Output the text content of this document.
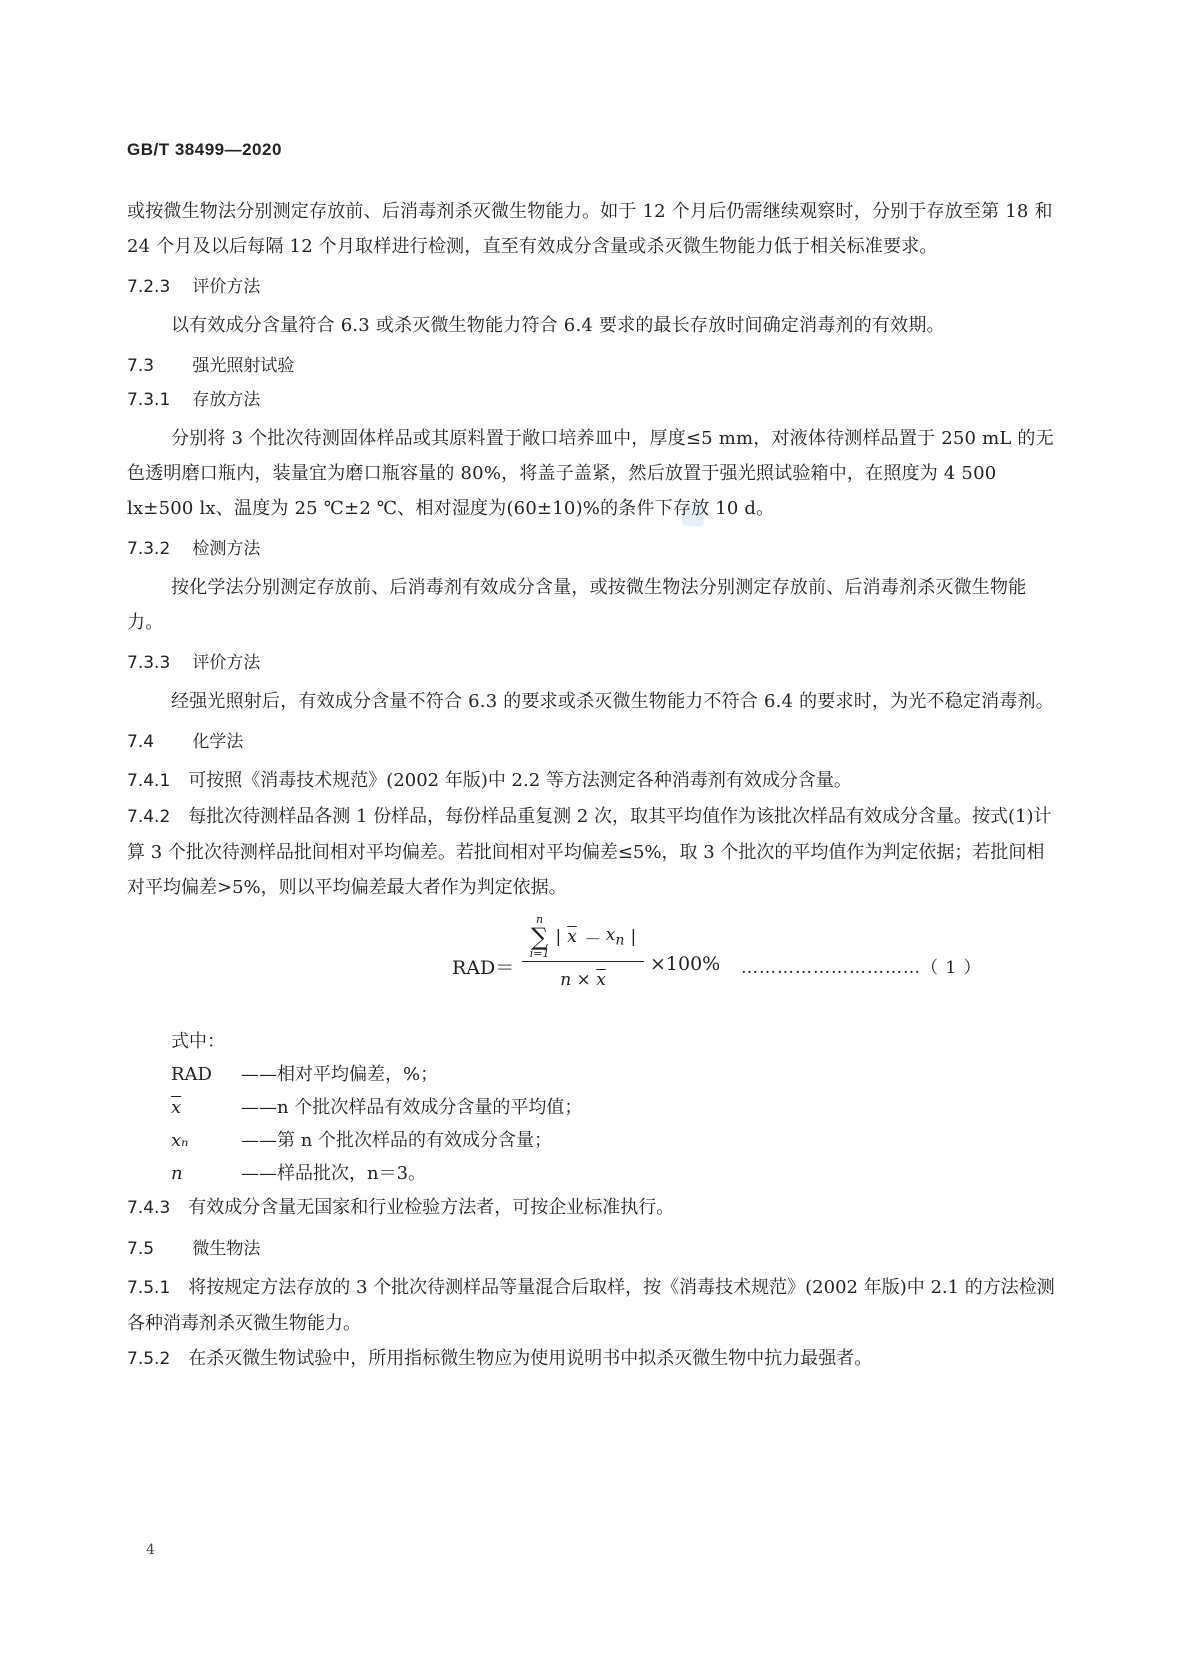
GB/T 38499—2020

或按微生物法分别测定存放前、后消毒剂杀灭微生物能力。如于 12 个月后仍需继续观察时，分别于存放至第 18 和 24 个月及以后每隔 12 个月取样进行检测，直至有效成分含量或杀灭微生物能力低于相关标准要求。

7.2.3 评价方法

以有效成分含量符合 6.3 或杀灭微生物能力符合 6.4 要求的最长存放时间确定消毒剂的有效期。

7.3 强光照射试验
7.3.1 存放方法

分别将 3 个批次待测固体样品或其原料置于敞口培养皿中，厚度≤5 mm，对液体待测样品置于 250 mL 的无色透明磨口瓶内，装量宜为磨口瓶容量的 80%，将盖子盖紧，然后放置于强光照试验箱中，在照度为 4 500 lx±500 lx、温度为 25 ℃±2 ℃、相对湿度为(60±10)%的条件下存放 10 d。

7.3.2 检测方法

按化学法分别测定存放前、后消毒剂有效成分含量，或按微生物法分别测定存放前、后消毒剂杀灭微生物能力。

7.3.3 评价方法

经强光照射后，有效成分含量不符合 6.3 的要求或杀灭微生物能力不符合 6.4 的要求时，为光不稳定消毒剂。

7.4 化学法

7.4.1 可按照《消毒技术规范》(2002 年版)中 2.2 等方法测定各种消毒剂有效成分含量。

7.4.2 每批次待测样品各测 1 份样品，每份样品重复测 2 次，取其平均值作为该批次样品有效成分含量。按式(1)计算 3 个批次待测样品批间相对平均偏差。若批间相对平均偏差≤5%，取 3 个批次的平均值作为判定依据；若批间相对平均偏差>5%，则以平均偏差最大者作为判定依据。

RAD＝
n
∑
i=1
| $\overline{x} - x_n$ |
$n \times \overline{x}$
×100% …………………………（ 1 ）
式中：
RAD	—— 相对平均偏差，%；
$\overline{x}$	—— n 个批次样品有效成分含量的平均值；
xₙ	—— 第 n 个批次样品的有效成分含量；
n	—— 样品批次，n＝3。

7.4.3 有效成分含量无国家和行业检验方法者，可按企业标准执行。

7.5 微生物法

7.5.1 将按规定方法存放的 3 个批次待测样品等量混合后取样，按《消毒技术规范》(2002 年版)中 2.1 的方法检测各种消毒剂杀灭微生物能力。

7.5.2 在杀灭微生物试验中，所用指标微生物应为使用说明书中拟杀灭微生物中抗力最强者。

4
